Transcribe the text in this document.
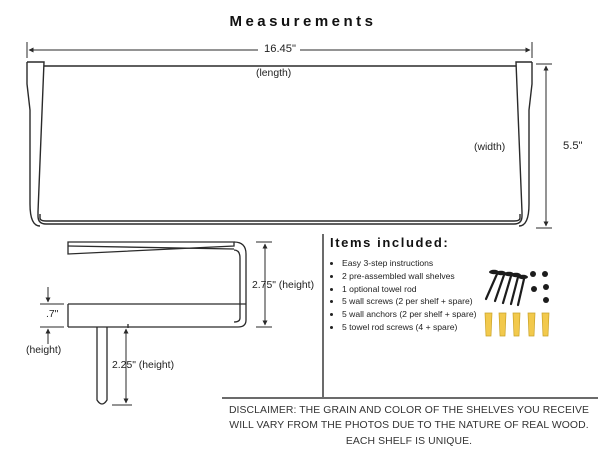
Measurements
16.45"
(length)
(width)	5.5"
2.75" (height)
.7"
(height)
2.25" (height)
Items included:
• Easy 3-step instructions
• 2 pre-assembled wall shelves
• 1 optional towel rod
• 5 wall screws (2 per shelf + spare)
• 5 wall anchors (2 per shelf + spare)
• 5 towel rod screws (4 + spare)
DISCLAIMER: THE GRAIN AND COLOR OF THE SHELVES YOU RECEIVE WILL VARY FROM THE PHOTOS DUE TO THE NATURE OF REAL WOOD. EACH SHELF IS UNIQUE.
